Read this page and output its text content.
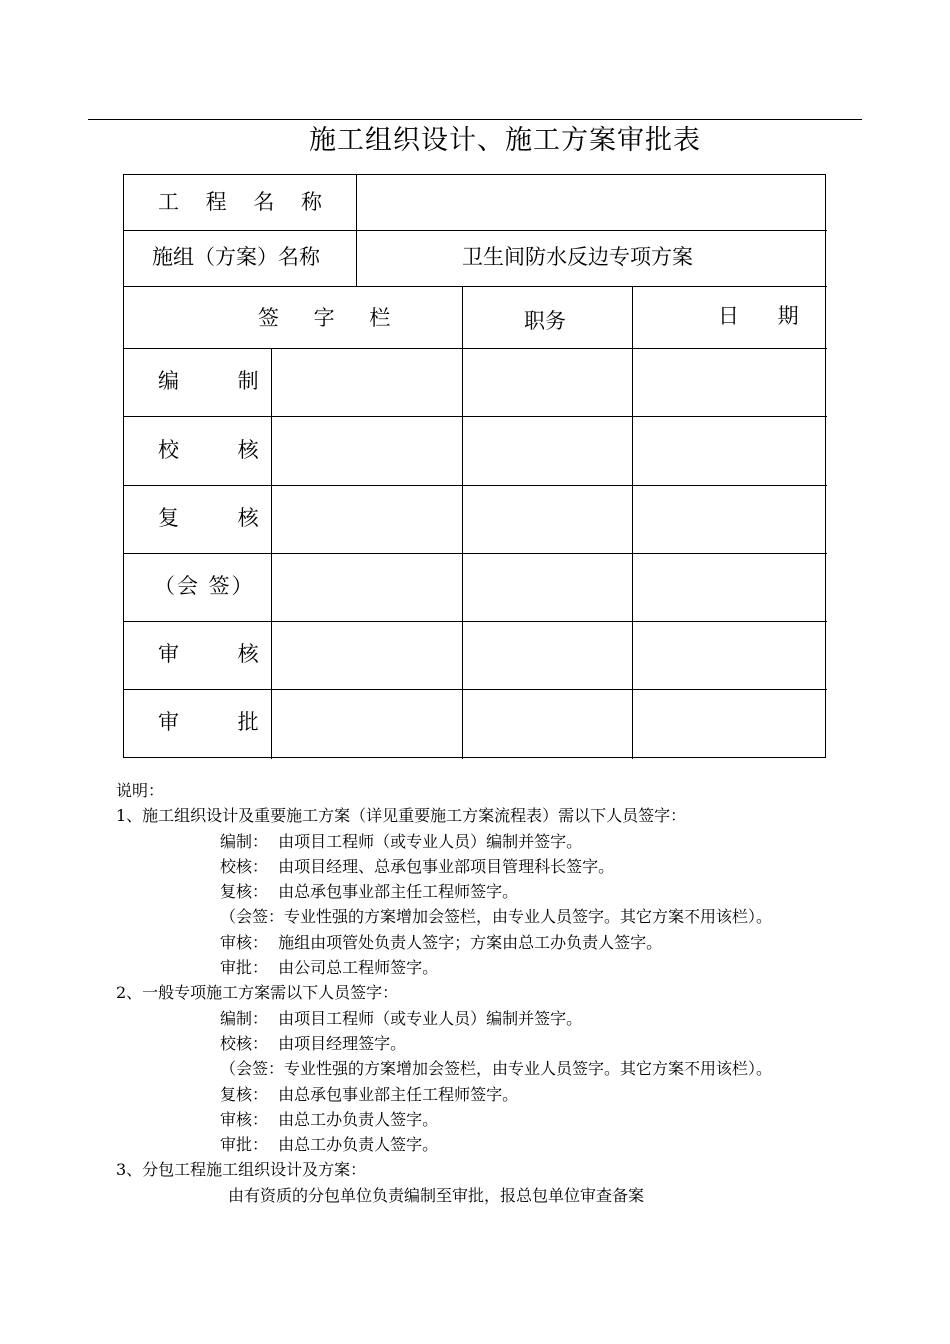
施工组织设计、施工方案审批表
工 程 名 称
施组（方案）名称	卫生间防水反边专项方案
签 字 栏	职务	日 期
编 制
校 核
复 核
（会 签）
审 核
审 批
说明：
1、施工组织设计及重要施工方案（详见重要施工方案流程表）需以下人员签字：
编制：  由项目工程师（或专业人员）编制并签字。
校核：  由项目经理、总承包事业部项目管理科长签字。
复核：  由总承包事业部主任工程师签字。
（会签：专业性强的方案增加会签栏，由专业人员签字。其它方案不用该栏）。
审核：  施组由项管处负责人签字；方案由总工办负责人签字。
审批：  由公司总工程师签字。
2、一般专项施工方案需以下人员签字：
编制：  由项目工程师（或专业人员）编制并签字。
校核：  由项目经理签字。
（会签：专业性强的方案增加会签栏，由专业人员签字。其它方案不用该栏）。
复核：  由总承包事业部主任工程师签字。
审核：  由总工办负责人签字。
审批：  由总工办负责人签字。
3、分包工程施工组织设计及方案：
由有资质的分包单位负责编制至审批，报总包单位审查备案
